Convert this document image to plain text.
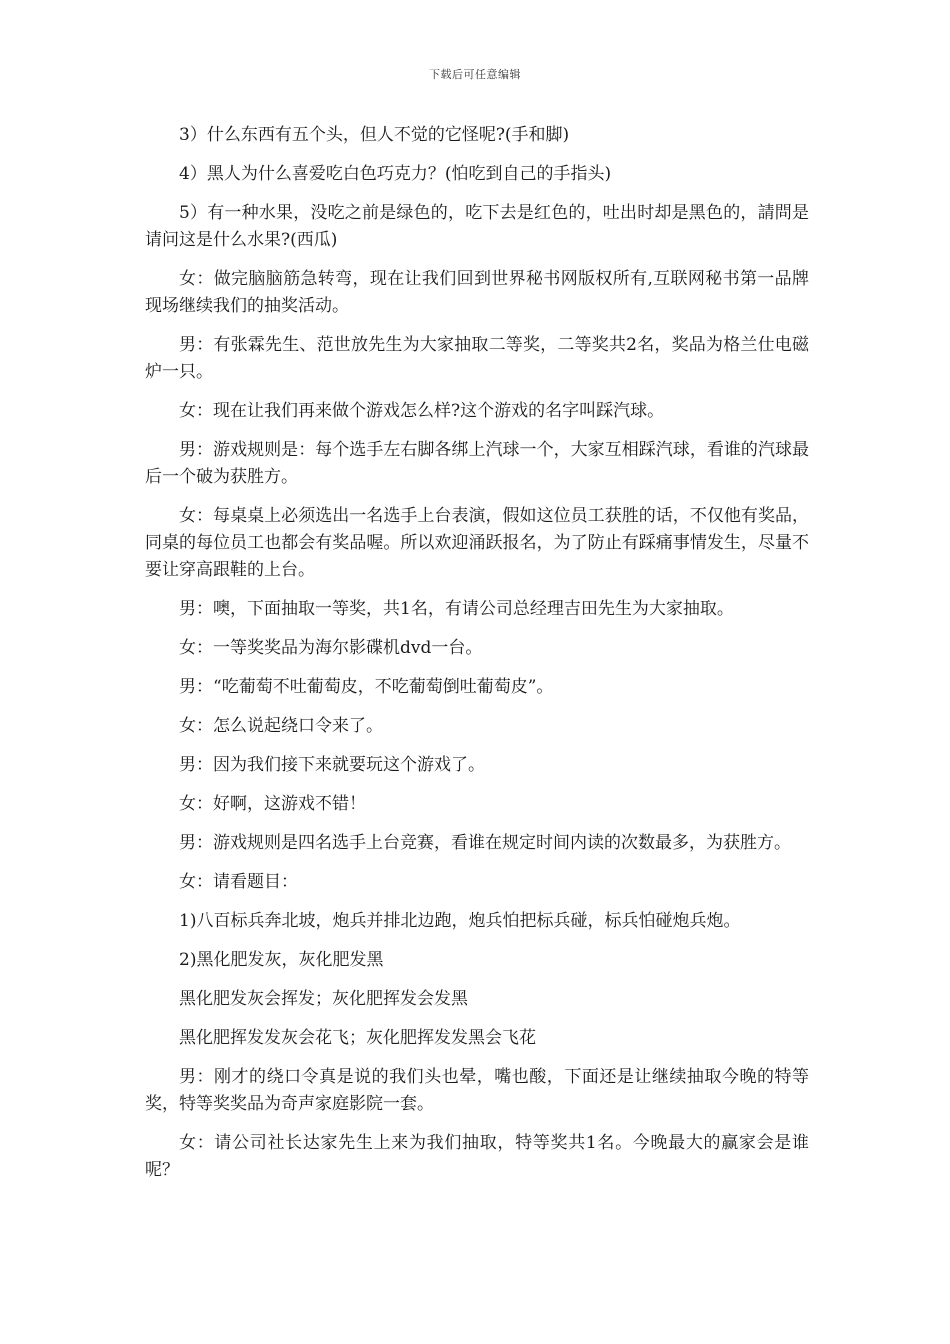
下载后可任意编辑

3）什么东西有五个头，但人不觉的它怪呢?(手和脚)

4）黑人为什么喜爱吃白色巧克力？(怕吃到自己的手指头)

5）有一种水果，没吃之前是绿色的，吃下去是红色的，吐出时却是黑色的，請問是请问这是什么水果?(西瓜)

女：做完脑脑筋急转弯，现在让我们回到世界秘书网版权所有,互联网秘书第一品牌现场继续我们的抽奖活动。

男：有张霖先生、范世放先生为大家抽取二等奖，二等奖共2名，奖品为格兰仕电磁炉一只。

女：现在让我们再来做个游戏怎么样?这个游戏的名字叫踩汽球。

男：游戏规则是：每个选手左右脚各绑上汽球一个，大家互相踩汽球，看谁的汽球最后一个破为获胜方。

女：每桌桌上必须选出一名选手上台表演，假如这位员工获胜的话，不仅他有奖品，同桌的每位员工也都会有奖品喔。所以欢迎涌跃报名，为了防止有踩痛事情发生，尽量不要让穿高跟鞋的上台。

男：噢，下面抽取一等奖，共1名，有请公司总经理吉田先生为大家抽取。

女：一等奖奖品为海尔影碟机dvd一台。

男：“吃葡萄不吐葡萄皮，不吃葡萄倒吐葡萄皮”。

女：怎么说起绕口令来了。

男：因为我们接下来就要玩这个游戏了。

女：好啊，这游戏不错！

男：游戏规则是四名选手上台竞赛，看谁在规定时间内读的次数最多，为获胜方。

女：请看题目：

1)八百标兵奔北坡，炮兵并排北边跑，炮兵怕把标兵碰，标兵怕碰炮兵炮。

2)黑化肥发灰，灰化肥发黑

黑化肥发灰会挥发；灰化肥挥发会发黑

黑化肥挥发发灰会花飞；灰化肥挥发发黑会飞花

男：刚才的绕口令真是说的我们头也晕，嘴也酸，下面还是让继续抽取今晚的特等奖，特等奖奖品为奇声家庭影院一套。

女：请公司社长达家先生上来为我们抽取，特等奖共1名。今晚最大的赢家会是谁呢？
